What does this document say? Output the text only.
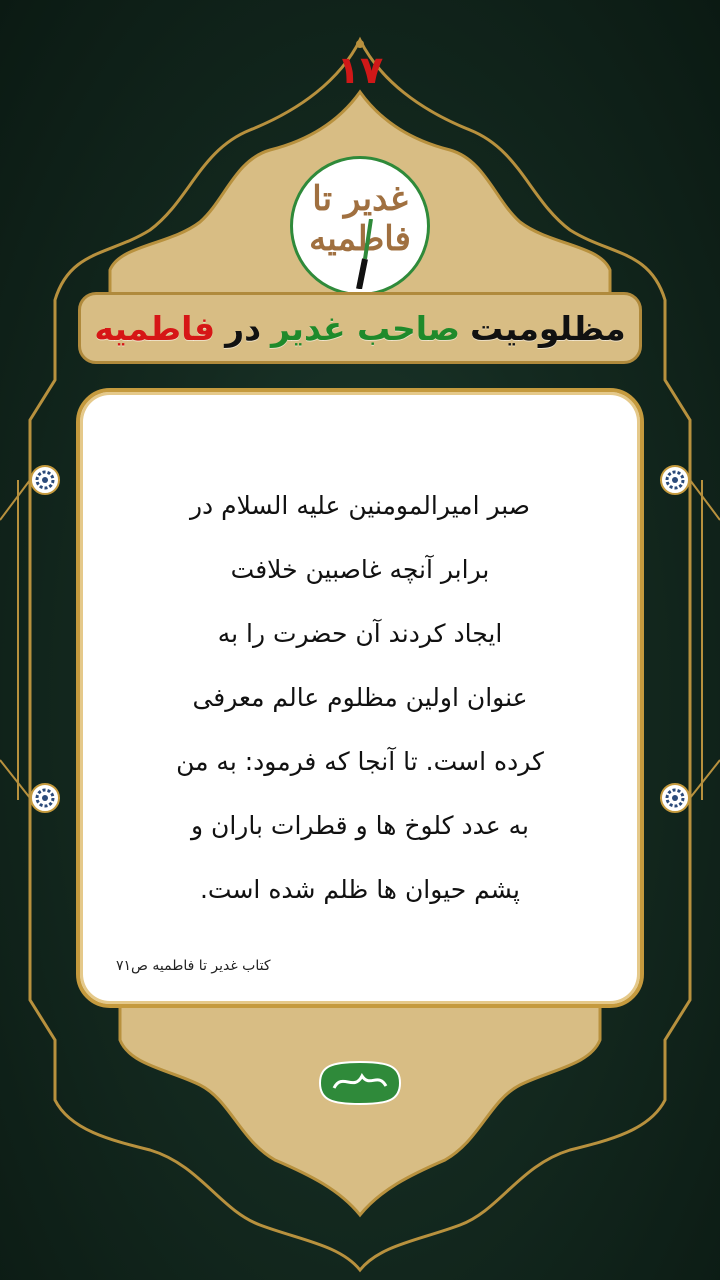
۱۷
غدیر تا فاطمیه
مظلومیت
صاحب غدیر
در
فاطمیه
صبر امیرالمومنین علیه السلام در
برابر آنچه غاصبین خلافت
ایجاد کردند آن حضرت را به
عنوان اولین مظلوم عالم معرفی
کرده است. تا آنجا که فرمود: به من
به عدد کلوخ ها و قطرات باران و
پشم حیوان ها ظلم شده است.
کتاب غدیر تا فاطمیه ص۷۱
